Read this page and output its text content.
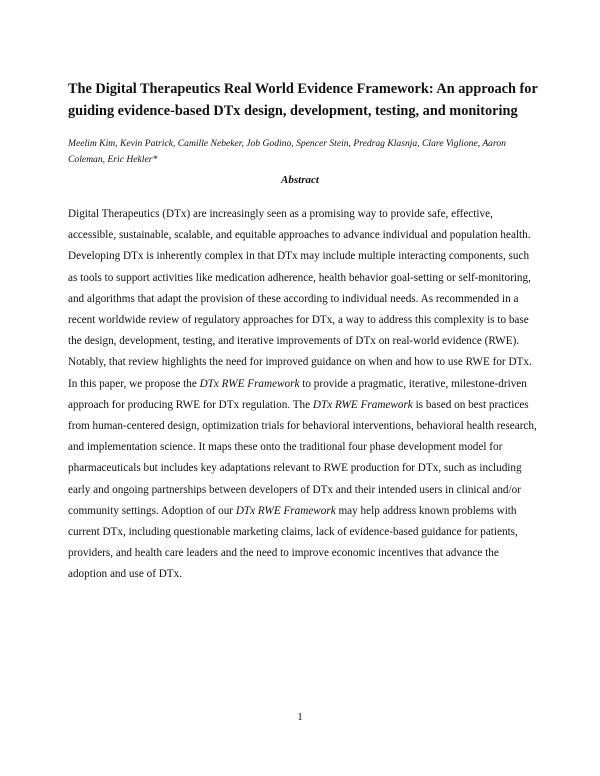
The Digital Therapeutics Real World Evidence Framework: An approach for guiding evidence-based DTx design, development, testing, and monitoring

Meelim Kim, Kevin Patrick, Camille Nebeker, Job Godino, Spencer Stein, Predrag Klasnja, Clare Viglione, Aaron Coleman, Eric Hekler*

Abstract

Digital Therapeutics (DTx) are increasingly seen as a promising way to provide safe, effective, accessible, sustainable, scalable, and equitable approaches to advance individual and population health. Developing DTx is inherently complex in that DTx may include multiple interacting components, such as tools to support activities like medication adherence, health behavior goal-setting or self-monitoring, and algorithms that adapt the provision of these according to individual needs. As recommended in a recent worldwide review of regulatory approaches for DTx, a way to address this complexity is to base the design, development, testing, and iterative improvements of DTx on real-world evidence (RWE). Notably, that review highlights the need for improved guidance on when and how to use RWE for DTx. In this paper, we propose the DTx RWE Framework to provide a pragmatic, iterative, milestone-driven approach for producing RWE for DTx regulation. The DTx RWE Framework is based on best practices from human-centered design, optimization trials for behavioral interventions, behavioral health research, and implementation science. It maps these onto the traditional four phase development model for pharmaceuticals but includes key adaptations relevant to RWE production for DTx, such as including early and ongoing partnerships between developers of DTx and their intended users in clinical and/or community settings. Adoption of our DTx RWE Framework may help address known problems with current DTx, including questionable marketing claims, lack of evidence-based guidance for patients, providers, and health care leaders and the need to improve economic incentives that advance the adoption and use of DTx.

1
